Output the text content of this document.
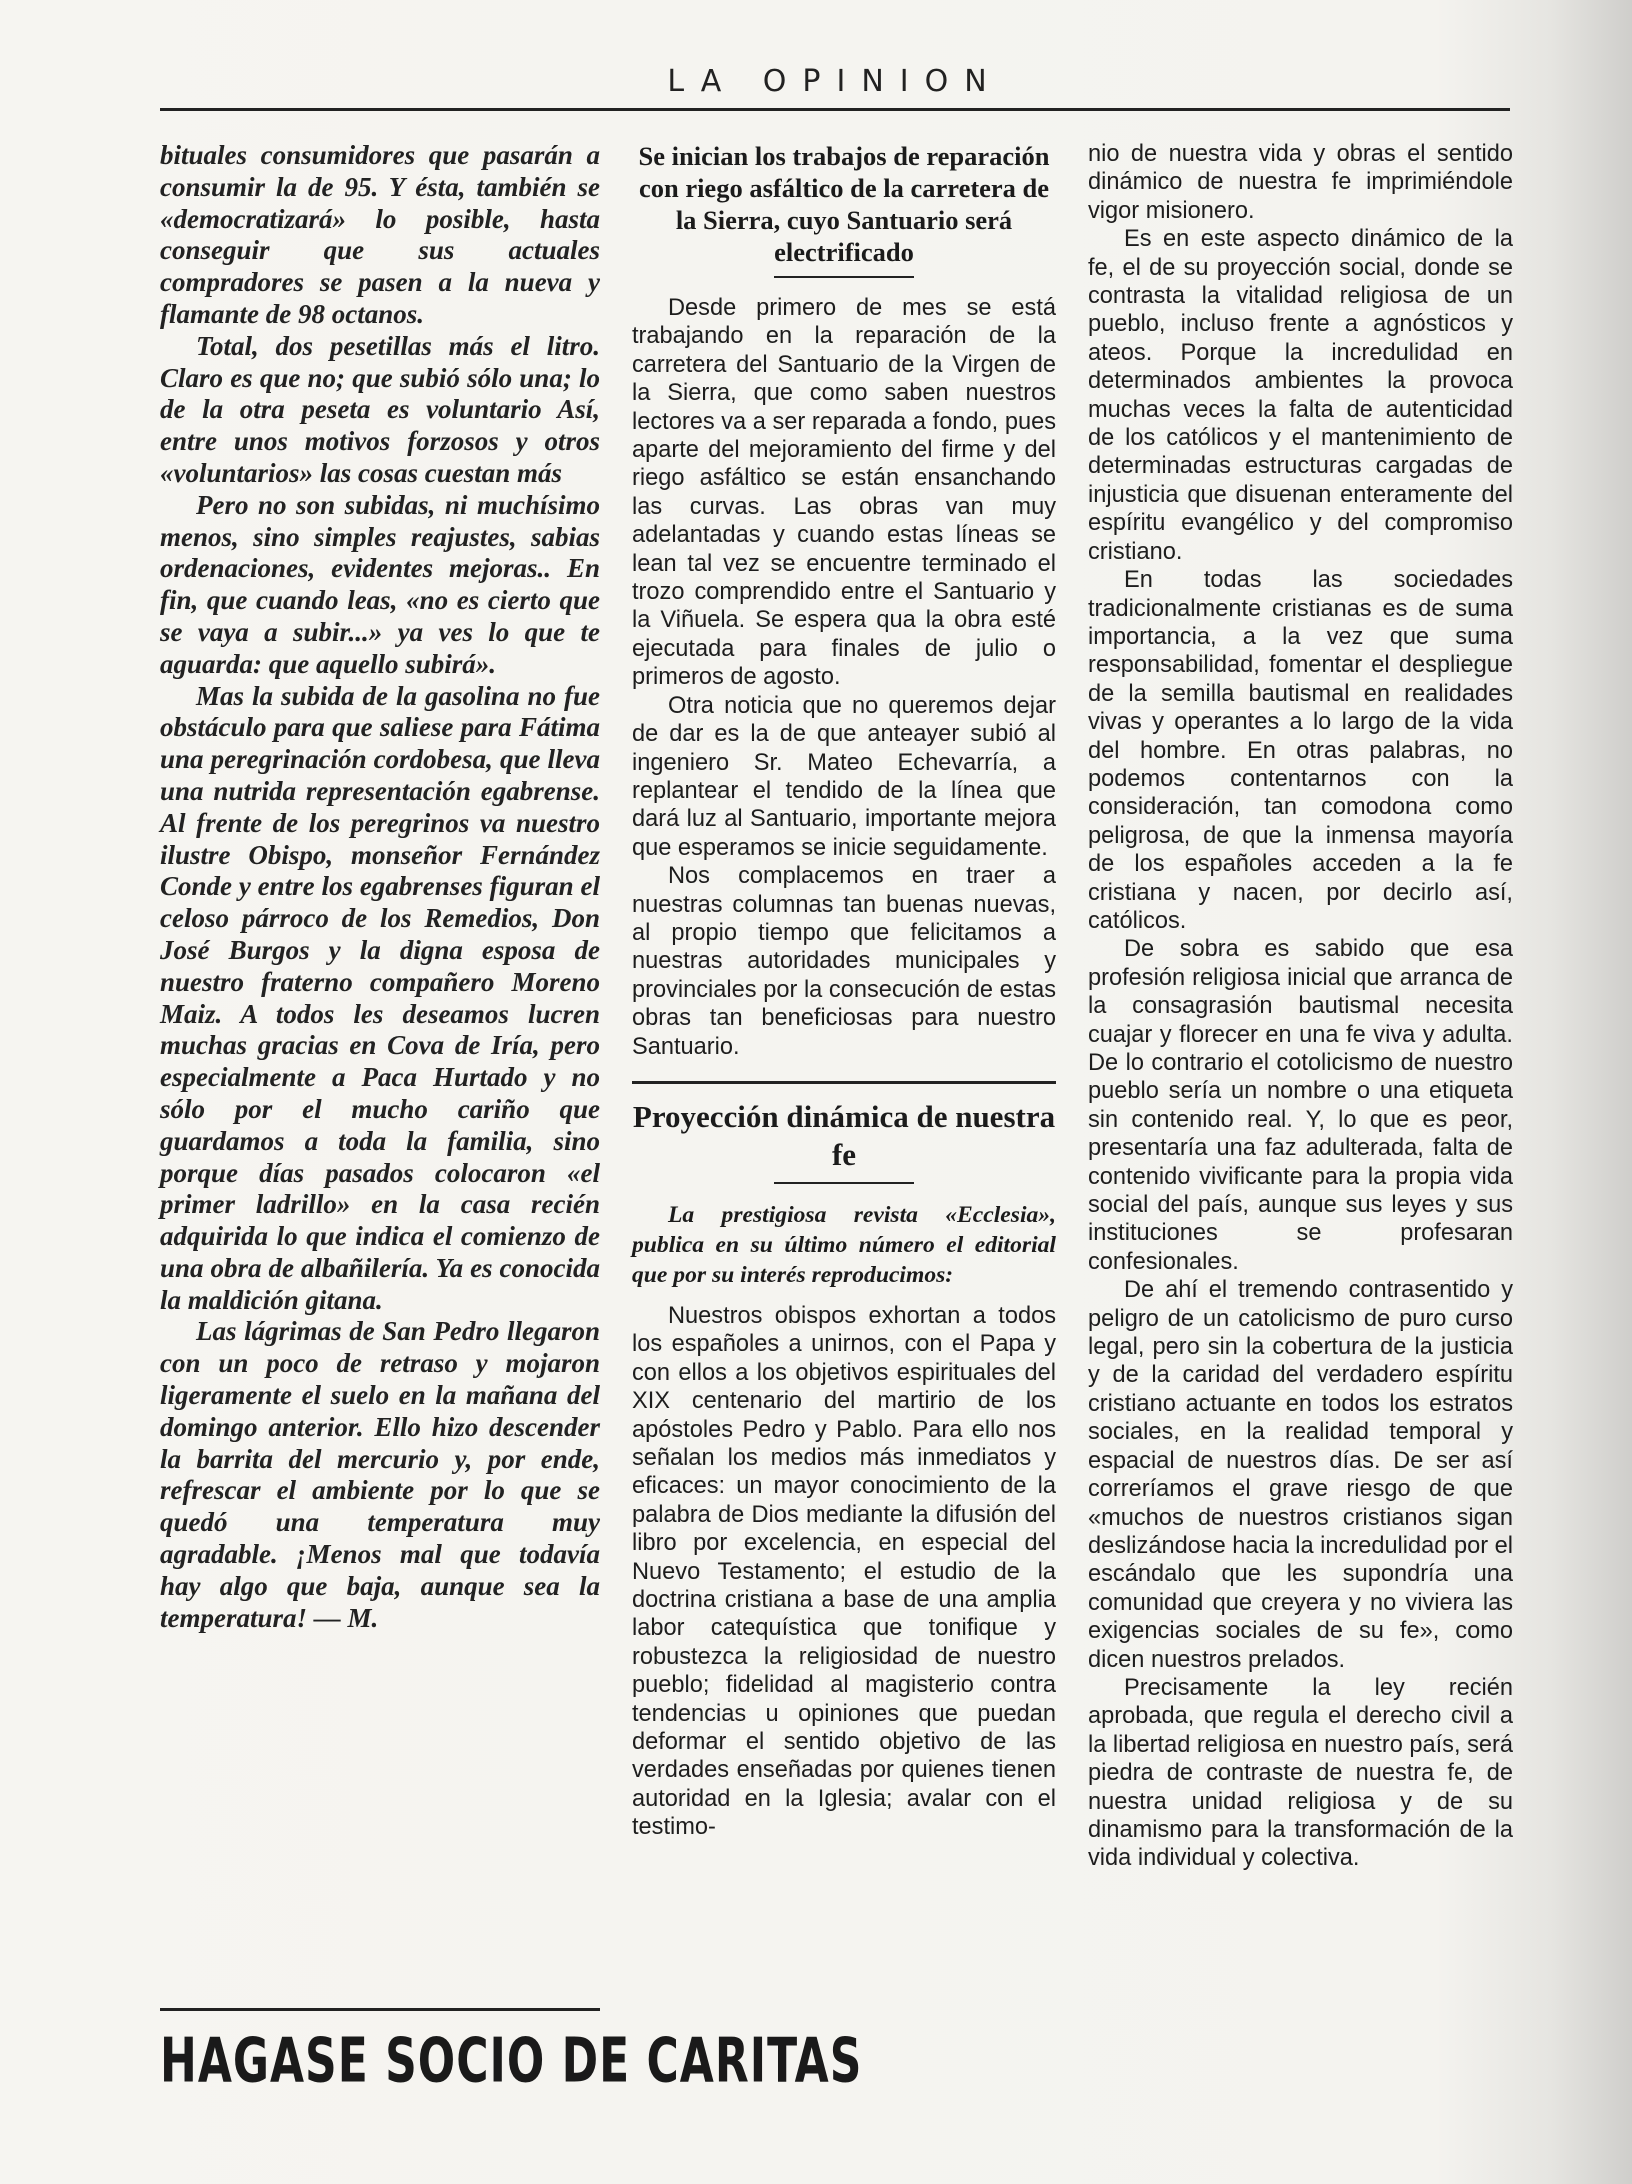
LA OPINION

bituales consumidores que pasarán a consumir la de 95. Y ésta, también se «democratizará» lo posible, hasta conseguir que sus actuales compradores se pasen a la nueva y flamante de 98 octanos.

Total, dos pesetillas más el litro. Claro es que no; que subió sólo una; lo de la otra peseta es voluntario Así, entre unos motivos forzosos y otros «voluntarios» las cosas cuestan más

Pero no son subidas, ni muchísimo menos, sino simples reajustes, sabias ordenaciones, evidentes mejoras.. En fin, que cuando leas, «no es cierto que se vaya a subir...» ya ves lo que te aguarda: que aquello subirá».

Mas la subida de la gasolina no fue obstáculo para que saliese para Fátima una peregrinación cordobesa, que lleva una nutrida representación egabrense. Al frente de los peregrinos va nuestro ilustre Obispo, monseñor Fernández Conde y entre los egabrenses figuran el celoso párroco de los Remedios, Don José Burgos y la digna esposa de nuestro fraterno compañero Moreno Maiz. A todos les deseamos lucren muchas gracias en Cova de Iría, pero especialmente a Paca Hurtado y no sólo por el mucho cariño que guardamos a toda la familia, sino porque días pasados colocaron «el primer ladrillo» en la casa recién adquirida lo que indica el comienzo de una obra de albañilería. Ya es conocida la maldición gitana.

Las lágrimas de San Pedro llegaron con un poco de retraso y mojaron ligeramente el suelo en la mañana del domingo anterior. Ello hizo descender la barrita del mercurio y, por ende, refrescar el ambiente por lo que se quedó una temperatura muy agradable. ¡Menos mal que todavía hay algo que baja, aunque sea la temperatura! — M.

HAGASE SOCIO DE CARITAS
Se inician los trabajos de reparación con riego asfáltico de la carretera de la Sierra, cuyo Santuario será electrificado

Desde primero de mes se está trabajando en la reparación de la carretera del Santuario de la Virgen de la Sierra, que como saben nuestros lectores va a ser reparada a fondo, pues aparte del mejoramiento del firme y del riego asfáltico se están ensanchando las curvas. Las obras van muy adelantadas y cuando estas líneas se lean tal vez se encuentre terminado el trozo comprendido entre el Santuario y la Viñuela. Se espera qua la obra esté ejecutada para finales de julio o primeros de agosto.

Otra noticia que no queremos dejar de dar es la de que anteayer subió al ingeniero Sr. Mateo Echevarría, a replantear el tendido de la línea que dará luz al Santuario, importante mejora que esperamos se inicie seguidamente.

Nos complacemos en traer a nuestras columnas tan buenas nuevas, al propio tiempo que felicitamos a nuestras autoridades municipales y provinciales por la consecución de estas obras tan beneficiosas para nuestro Santuario.

Proyección dinámica de nuestra fe

La prestigiosa revista «Ecclesia», publica en su último número el editorial que por su interés reproducimos:

Nuestros obispos exhortan a todos los españoles a unirnos, con el Papa y con ellos a los objetivos espirituales del XIX centenario del martirio de los apóstoles Pedro y Pablo. Para ello nos señalan los medios más inmediatos y eficaces: un mayor conocimiento de la palabra de Dios mediante la difusión del libro por excelencia, en especial del Nuevo Testamento; el estudio de la doctrina cristiana a base de una amplia labor catequística que tonifique y robustezca la religiosidad de nuestro pueblo; fidelidad al magisterio contra tendencias u opiniones que puedan deformar el sentido objetivo de las verdades enseñadas por quienes tienen autoridad en la Iglesia; avalar con el testimo-

nio de nuestra vida y obras el sentido dinámico de nuestra fe imprimiéndole vigor misionero.

Es en este aspecto dinámico de la fe, el de su proyección social, donde se contrasta la vitalidad religiosa de un pueblo, incluso frente a agnósticos y ateos. Porque la incredulidad en determinados ambientes la provoca muchas veces la falta de autenticidad de los católicos y el mantenimiento de determinadas estructuras cargadas de injusticia que disuenan enteramente del espíritu evangélico y del compromiso cristiano.

En todas las sociedades tradicionalmente cristianas es de suma importancia, a la vez que suma responsabilidad, fomentar el despliegue de la semilla bautismal en realidades vivas y operantes a lo largo de la vida del hombre. En otras palabras, no podemos contentarnos con la consideración, tan comodona como peligrosa, de que la inmensa mayoría de los españoles acceden a la fe cristiana y nacen, por decirlo así, católicos.

De sobra es sabido que esa profesión religiosa inicial que arranca de la consagrasión bautismal necesita cuajar y florecer en una fe viva y adulta. De lo contrario el cotolicismo de nuestro pueblo sería un nombre o una etiqueta sin contenido real. Y, lo que es peor, presentaría una faz adulterada, falta de contenido vivificante para la propia vida social del país, aunque sus leyes y sus instituciones se profesaran confesionales.

De ahí el tremendo contrasentido y peligro de un catolicismo de puro curso legal, pero sin la cobertura de la justicia y de la caridad del verdadero espíritu cristiano actuante en todos los estratos sociales, en la realidad temporal y espacial de nuestros días. De ser así correríamos el grave riesgo de que «muchos de nuestros cristianos sigan deslizándose hacia la incredulidad por el escándalo que les supondría una comunidad que creyera y no viviera las exigencias sociales de su fe», como dicen nuestros prelados.

Precisamente la ley recién aprobada, que regula el derecho civil a la libertad religiosa en nuestro país, será piedra de contraste de nuestra fe, de nuestra unidad religiosa y de su dinamismo para la transformación de la vida individual y colectiva.
